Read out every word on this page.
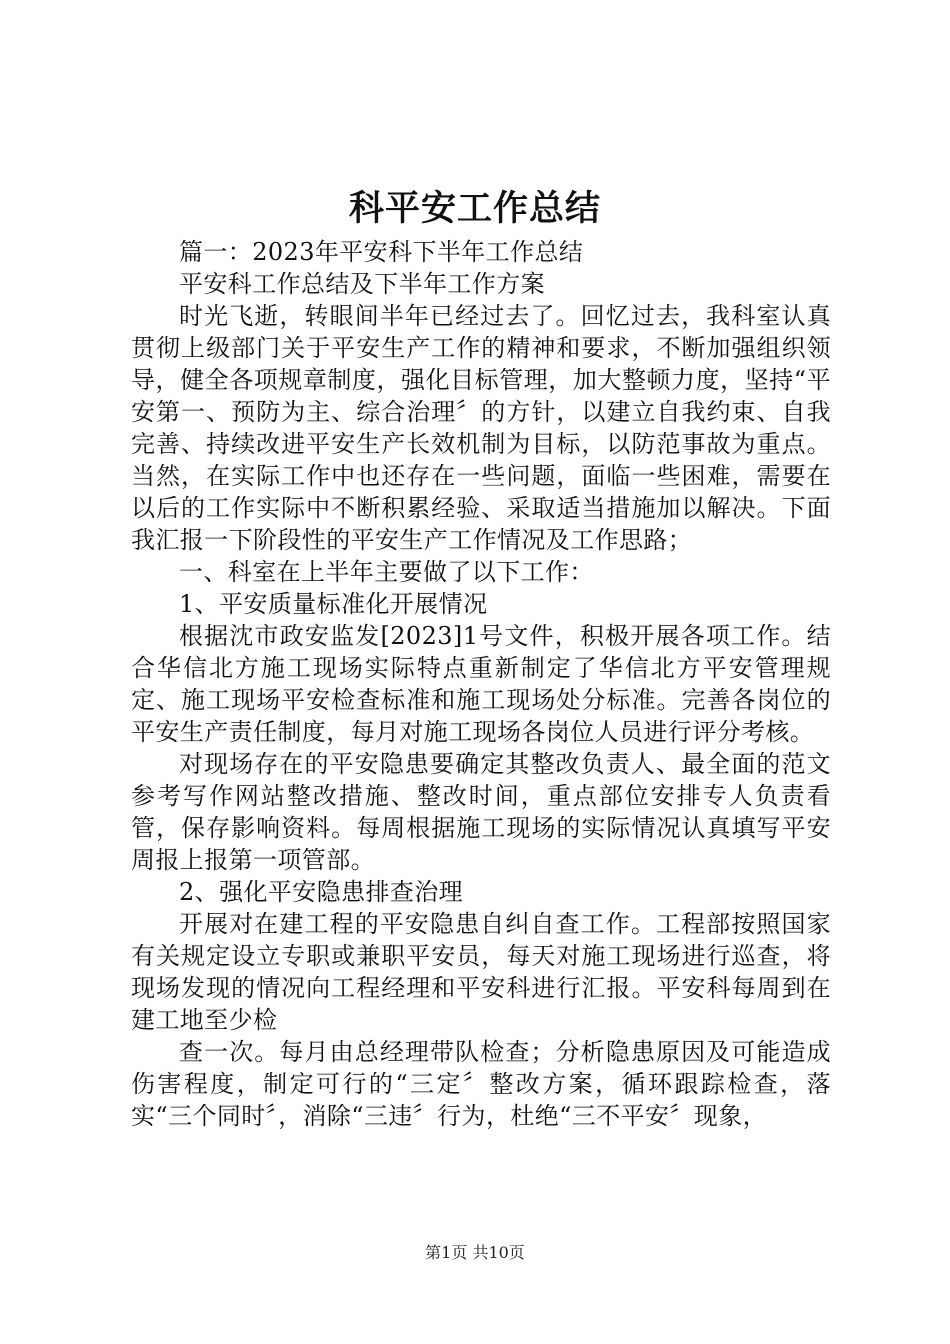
科平安工作总结

篇一：2023年平安科下半年工作总结

平安科工作总结及下半年工作方案

时光飞逝，转眼间半年已经过去了。回忆过去，我科室认真贯彻上级部门关于平安生产工作的精神和要求，不断加强组织领导，健全各项规章制度，强化目标管理，加大整顿力度，坚持“平安第一、预防为主、综合治理〞的方针，以建立自我约束、自我完善、持续改进平安生产长效机制为目标，以防范事故为重点。当然，在实际工作中也还存在一些问题，面临一些困难，需要在以后的工作实际中不断积累经验、采取适当措施加以解决。下面我汇报一下阶段性的平安生产工作情况及工作思路；

一、科室在上半年主要做了以下工作：

1、平安质量标准化开展情况

根据沈市政安监发[2023]1号文件，积极开展各项工作。结合华信北方施工现场实际特点重新制定了华信北方平安管理规定、施工现场平安检查标准和施工现场处分标准。完善各岗位的平安生产责任制度，每月对施工现场各岗位人员进行评分考核。

对现场存在的平安隐患要确定其整改负责人、最全面的范文参考写作网站整改措施、整改时间，重点部位安排专人负责看管，保存影响资料。每周根据施工现场的实际情况认真填写平安周报上报第一项管部。

2、强化平安隐患排查治理

开展对在建工程的平安隐患自纠自查工作。工程部按照国家有关规定设立专职或兼职平安员，每天对施工现场进行巡查，将现场发现的情况向工程经理和平安科进行汇报。平安科每周到在建工地至少检

查一次。每月由总经理带队检查；分析隐患原因及可能造成伤害程度，制定可行的“三定〞整改方案，循环跟踪检查，落实“三个同时〞，消除“三违〞行为，杜绝“三不平安〞现象，

第1页 共10页
